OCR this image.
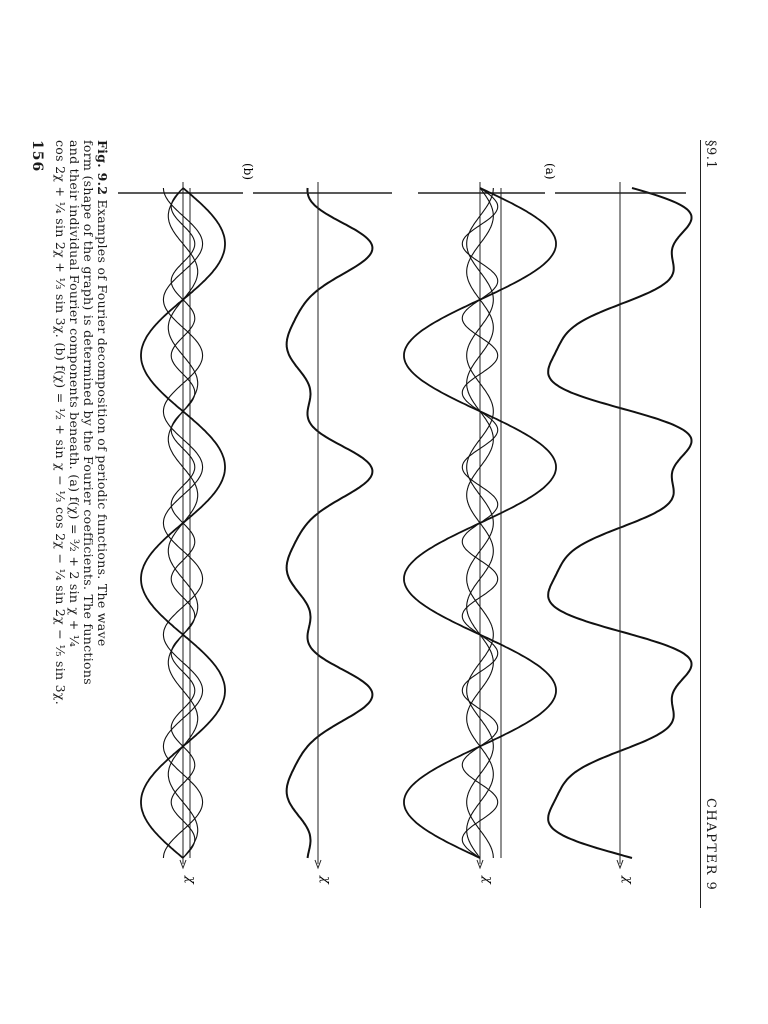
§9.1
CHAPTER 9
χ
χ
χ
χ
(a)
(b)
Fig. 9.2 Examples of Fourier decomposition of periodic functions. The wave
form (shape of the graph) is determined by the Fourier coefficients. The functions
and their individual Fourier components beneath. (a) f(χ) = ³⁄₂ + 2 sin χ + ¼
cos 2χ + ¼ sin 2χ + ⅓ sin 3χ. (b) f(χ) = ½ + sin χ − ⅓ cos 2χ − ¼ sin 2χ − ⅕ sin 3χ.
156
